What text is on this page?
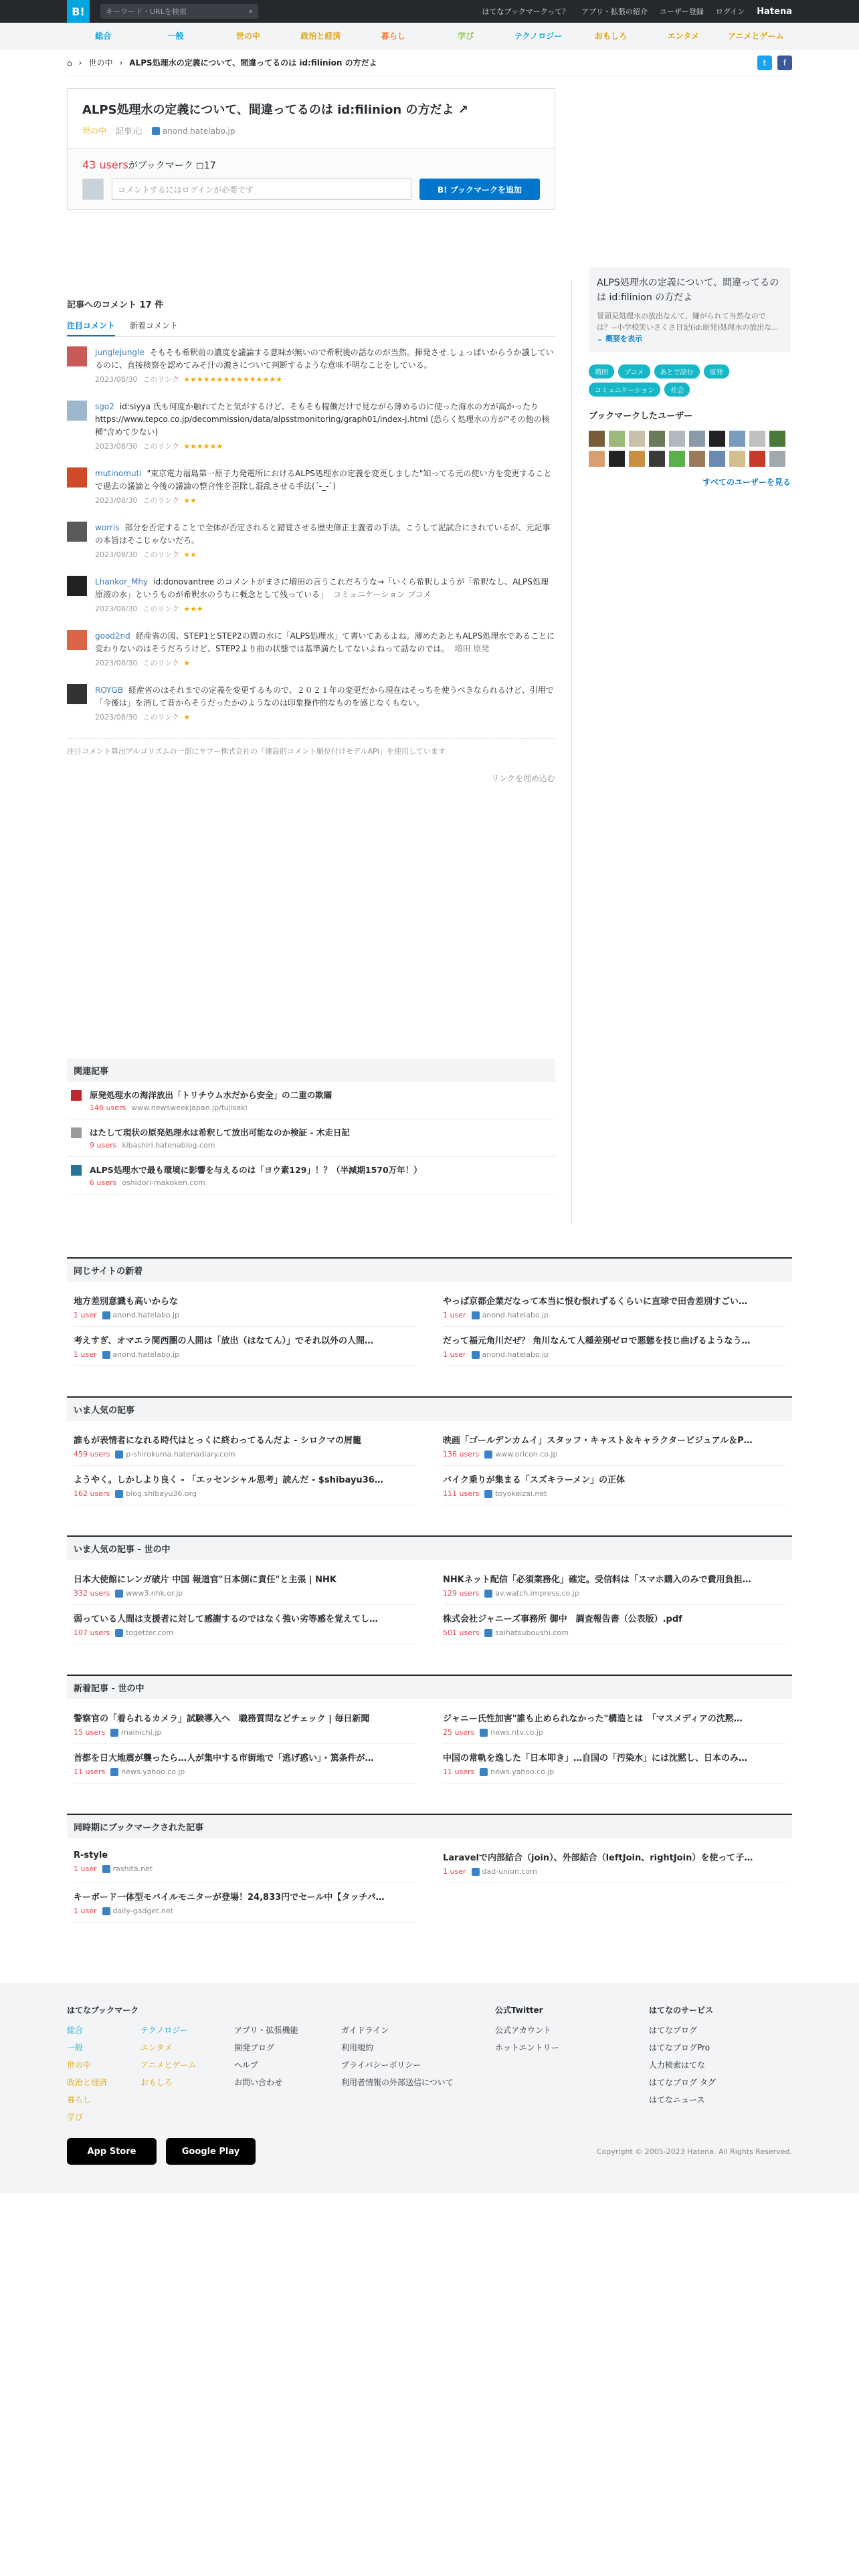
B!	キーワード・URLを検索	⌕	はてなブックマークって？ アプリ・拡張の紹介 ユーザー登録 ログイン Hatena
総合	一般	世の中	政治と経済	暮らし	学び	テクノロジー	おもしろ	エンタメ	アニメとゲーム
⌂ › 世の中 › ALPS処理水の定義について、間違ってるのは id:filinion の方だよ	t	f
ALPS処理水の定義について、間違ってるのは id:filinion の方だよ ↗
世の中 記事元:	anond.hatelabo.jp
43 usersがブックマーク ◻17
コメントするにはログインが必要です	B! ブックマークを追加
記事へのコメント 17 件
注目コメント 新着コメント
junglejungle そもそも希釈前の濃度を議論する意味が無いので希釈後の話なのが当然。揮発させ.しょっぱいからうか議しているのに、直接検察を認めてみそ汁の濃さについて判断するような意味不明なことをしている。
2023/08/30 このリンク ★★★★★★★★★★★★★★★
sgo2 id:siyya 氏も何度か触れてたと気がするけど、そもそも稼働だけで見ながら薄めるのに使った海水の方が高かったり https://www.tepco.co.jp/decommission/data/alpsstmonitoring/graph01/index-j.html (恐らく処理水の方が"その他の核種"含めて少ない)
2023/08/30 このリンク ★★★★★★
mutinomuti "東京電力福島第一原子力発電所におけるALPS処理水の定義を変更しました"知ってる元の使い方を変更することで過去の議論と今後の議論の整合性を歪除し混乱させる手法(´-_-`)
2023/08/30 このリンク ★★
worris 部分を否定することで全体が否定されると錯覚させる歴史修正主義者の手法。こうして泥試合にされているが、元記事の本旨はそこじゃないだろ。
2023/08/30 このリンク ★★
Lhankor_Mhy id:donovantree のコメントがまさに増田の言うこれだろうな→「いくら希釈しようが「希釈なし、ALPS処理原液の水」というものが希釈水のうちに概念として残っている」 コミュニケーション ブコメ
2023/08/30 このリンク ★★★
good2nd 経産省の図、STEP1とSTEP2の間の水に「ALPS処理水」て書いてあるよね。薄めたあともALPS処理水であることに変わりないのはそうだろうけど、STEP2より前の状態では基準満たしてないよねって話なのでは。 増田 原発
2023/08/30 このリンク ★
ROYGB 経産省のはそれまでの定義を変更するもので、２０２１年の変更だから現在はそっちを使うべきなられるけど、引用で「今後は」を消して昔からそうだったかのようなのは印象操作的なものを感じなくもない。
2023/08/30 このリンク ★
注目コメント算出アルゴリズムの一部にヤフー株式会社の「建設的コメント順位付けモデルAPI」を使用しています
リンクを埋め込む
関連記事
原発処理水の海洋放出「トリチウム水だから安全」の二重の欺瞞
146 users www.newsweekjapan.jp/fujisaki
はたして現状の原発処理水は希釈して放出可能なのか検証 - 木走日記
9 users kibashiri.hatenablog.com
ALPS処理水で最も環境に影響を与えるのは「ヨウ素129」！？（半減期1570万年！）
6 users oshidori-makoken.com
ALPS処理水の定義について、間違ってるのは id:filinion の方だよ
冒頭見処理水の放出なんて、嫌がられて当然なのでは？--小学校笑いさくさ日記(id:原発)処理水の放出な... ⌄ 概要を表示
増田	ブコメ	あとで読む	原発
コミュニケーション	社会
ブックマークしたユーザー
すべてのユーザーを見る
同じサイトの新着
地方差別意識も高いからな
1 user anond.hatelabo.jp
やっぱ京都企業だなって本当に恨む恨れずるくらいに直球で田舎差別すごい…
1 user anond.hatelabo.jp
考えすぎ、オマエラ関西圏の人間は「放出（はなてん）」でそれ以外の人間…
1 user anond.hatelabo.jp
だって福元角川だぜ？ 角川なんて人種差別ゼロで悪態を技じ曲げるようなう…
1 user anond.hatelabo.jp
いま人気の記事
誰もが表情者になれる時代はとっくに終わってるんだよ - シロクマの屑籠
459 users p-shirokuma.hatenadiary.com
映画「ゴールデンカムイ」スタッフ・キャスト＆キャラクタービジュアル＆P…
136 users www.oricon.co.jp
ようやく。しかしより良く - 「エッセンシャル思考」読んだ - $shibayu36…
162 users blog.shibayu36.org
バイク乗りが集まる「スズキラーメン」の正体
111 users toyokeizai.net
いま人気の記事 - 世の中
日本大使館にレンガ破片 中国 報道官"日本側に責任"と主張 | NHK
332 users www3.nhk.or.jp
NHKネット配信「必須業務化」確定。受信料は「スマホ購入のみで費用負担…
129 users av.watch.impress.co.jp
弱っている人間は支援者に対して感謝するのではなく強い劣等感を覚えてし…
107 users togetter.com
株式会社ジャニーズ事務所 御中　調査報告書（公表版）.pdf
501 users saihatsuboushi.com
新着記事 - 世の中
警察官の「着られるカメラ」試験導入へ　職務質問などチェック | 毎日新聞
15 users mainichi.jp
ジャニー氏性加害"誰も止められなかった"構造とは　「マスメディアの沈黙…
25 users news.ntv.co.jp
首都を日大地震が襲ったら…人が集中する市街地で「逃げ惑い」・篤条件が…
11 users news.yahoo.co.jp
中国の常軌を逸した「日本叩き」…自国の「汚染水」には沈黙し、日本のみ…
11 users news.yahoo.co.jp
同時期にブックマークされた記事
R-style
1 user rashita.net
Laravelで内部結合（join）、外部結合（leftJoin、rightJoin）を使って子…
1 user dad-union.com
キーボード一体型モバイルモニターが登場！24,833円でセール中【タッチパ…
1 user daily-gadget.net
はてなブックマーク
総合
一般
世の中
政治と経済
暮らし
学び

テクノロジー
エンタメ
アニメとゲーム
おもしろ

アプリ・拡張機能
開発ブログ
ヘルプ
お問い合わせ

ガイドライン
利用規約
プライバシーポリシー
利用者情報の外部送信について
公式Twitter
公式アカウント
ホットエントリー
はてなのサービス
はてなブログ
はてなブログPro
人力検索はてな
はてなブログ タグ
はてなニュース
App Store	Google Play	Copyright © 2005-2023 Hatena. All Rights Reserved.
